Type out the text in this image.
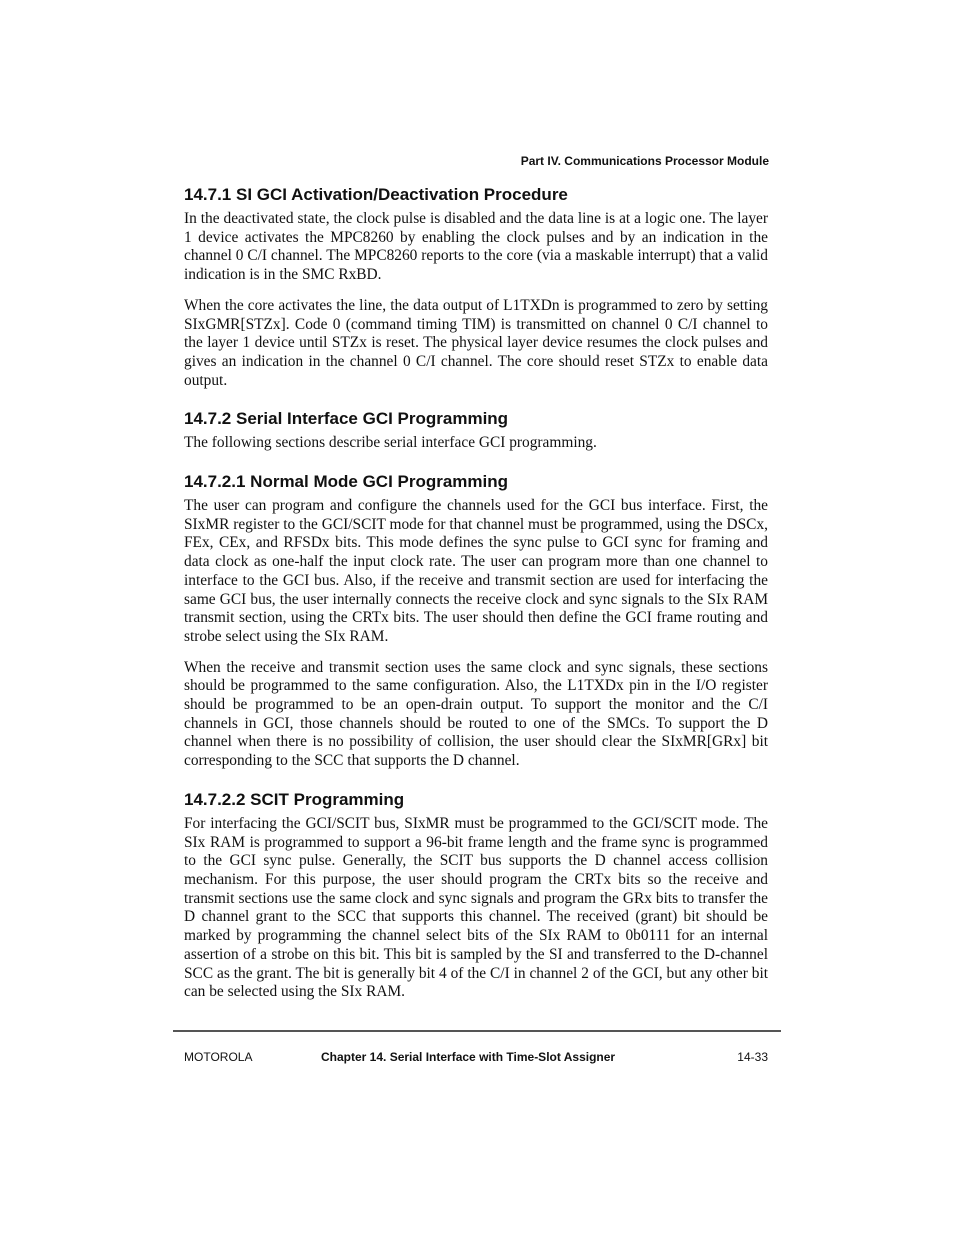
Part IV. Communications Processor Module
14.7.1 SI GCI Activation/Deactivation Procedure

In the deactivated state, the clock pulse is disabled and the data line is at a logic one. The layer 1 device activates the MPC8260 by enabling the clock pulses and by an indication in the channel 0 C/I channel. The MPC8260 reports to the core (via a maskable interrupt) that a valid indication is in the SMC RxBD.

When the core activates the line, the data output of L1TXDn is programmed to zero by setting SIxGMR[STZx]. Code 0 (command timing TIM) is transmitted on channel 0 C/I channel to the layer 1 device until STZx is reset. The physical layer device resumes the clock pulses and gives an indication in the channel 0 C/I channel. The core should reset STZx to enable data output.

14.7.2 Serial Interface GCI Programming

The following sections describe serial interface GCI programming.

14.7.2.1 Normal Mode GCI Programming

The user can program and configure the channels used for the GCI bus interface. First, the SIxMR register to the GCI/SCIT mode for that channel must be programmed, using the DSCx, FEx, CEx, and RFSDx bits. This mode defines the sync pulse to GCI sync for framing and data clock as one-half the input clock rate. The user can program more than one channel to interface to the GCI bus. Also, if the receive and transmit section are used for interfacing the same GCI bus, the user internally connects the receive clock and sync signals to the SIx RAM transmit section, using the CRTx bits. The user should then define the GCI frame routing and strobe select using the SIx RAM.

When the receive and transmit section uses the same clock and sync signals, these sections should be programmed to the same configuration. Also, the L1TXDx pin in the I/O register should be programmed to be an open-drain output. To support the monitor and the C/I channels in GCI, those channels should be routed to one of the SMCs. To support the D channel when there is no possibility of collision, the user should clear the SIxMR[GRx] bit corresponding to the SCC that supports the D channel.

14.7.2.2 SCIT Programming

For interfacing the GCI/SCIT bus, SIxMR must be programmed to the GCI/SCIT mode. The SIx RAM is programmed to support a 96-bit frame length and the frame sync is programmed to the GCI sync pulse. Generally, the SCIT bus supports the D channel access collision mechanism. For this purpose, the user should program the CRTx bits so the receive and transmit sections use the same clock and sync signals and program the GRx bits to transfer the D channel grant to the SCC that supports this channel. The received (grant) bit should be marked by programming the channel select bits of the SIx RAM to 0b0111 for an internal assertion of a strobe on this bit. This bit is sampled by the SI and transferred to the D-channel SCC as the grant. The bit is generally bit 4 of the C/I in channel 2 of the GCI, but any other bit can be selected using the SIx RAM.

MOTOROLA	Chapter 14. Serial Interface with Time-Slot Assigner	14-33
